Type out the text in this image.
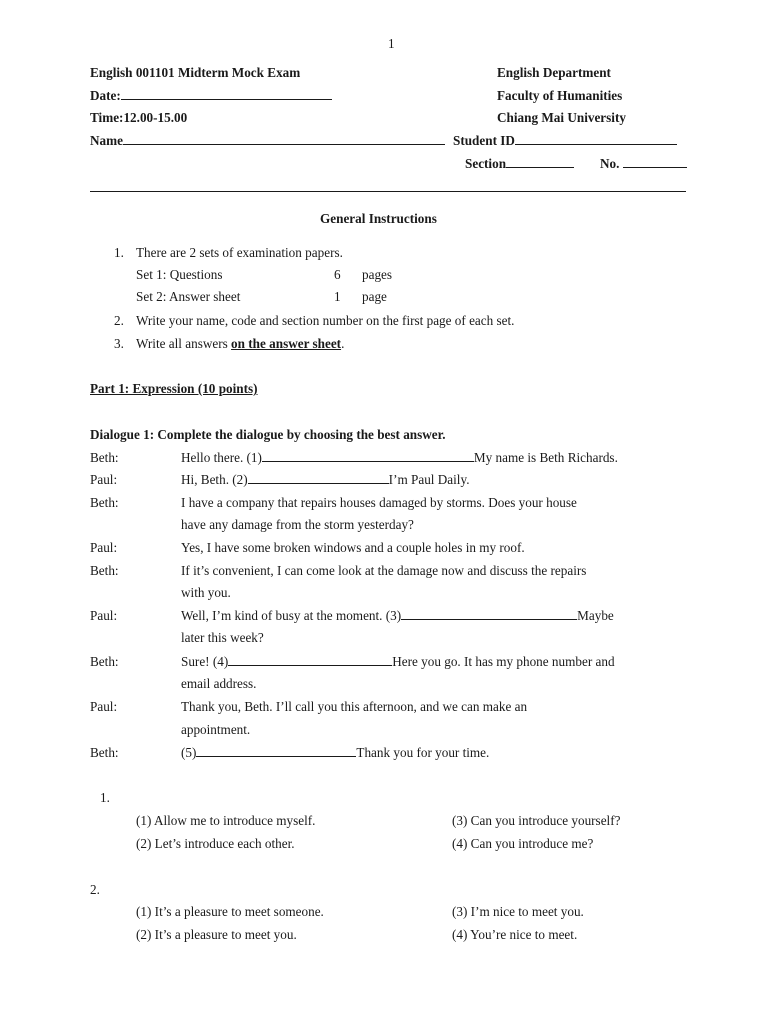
1
English 001101 Midterm Mock Exam
Date:
Time:12.00-15.00
Name
English Department
Faculty of Humanities
Chiang Mai University
Student ID
Section	No.
General Instructions
1. There are 2 sets of examination papers.
Set 1: Questions	6 pages
Set 2: Answer sheet	1 page
2. Write your name, code and section number on the first page of each set.
3. Write all answers on the answer sheet.
Part 1: Expression (10 points)
Dialogue 1: Complete the dialogue by choosing the best answer.
Beth:	Hello there. (1)	My name is Beth Richards.
Paul:	Hi, Beth. (2)	I’m Paul Daily.
Beth:	I have a company that repairs houses damaged by storms. Does your house
have any damage from the storm yesterday?
Paul:	Yes, I have some broken windows and a couple holes in my roof.
Beth:	If it’s convenient, I can come look at the damage now and discuss the repairs
with you.
Paul:	Well, I’m kind of busy at the moment. (3)	Maybe
later this week?
Beth:	Sure! (4)	Here you go. It has my phone number and
email address.
Paul:	Thank you, Beth. I’ll call you this afternoon, and we can make an
appointment.
Beth:	(5)	Thank you for your time.
1.
(1) Allow me to introduce myself.
(2) Let’s introduce each other.
(3) Can you introduce yourself?
(4) Can you introduce me?
2.
(1) It’s a pleasure to meet someone.
(2) It’s a pleasure to meet you.
(3) I’m nice to meet you.
(4) You’re nice to meet.
